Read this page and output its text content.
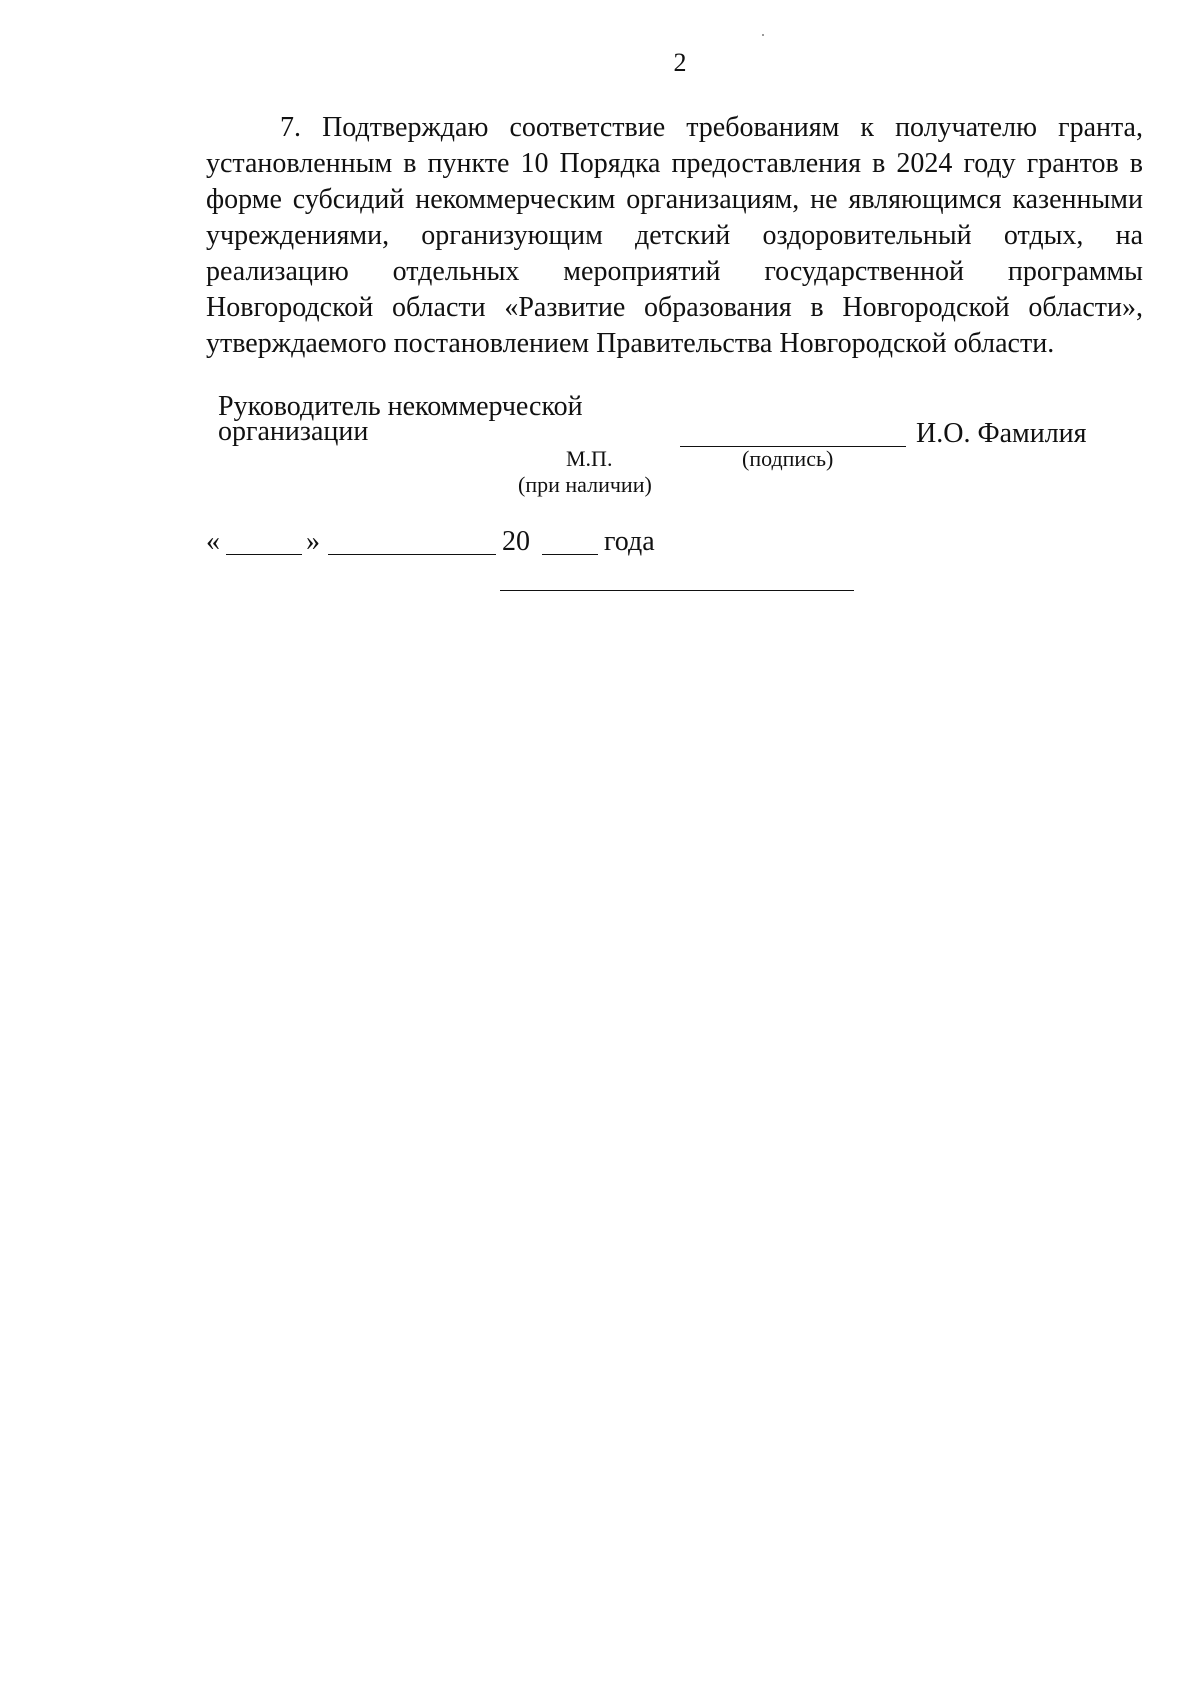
2
7. Подтверждаю соответствие требованиям к получателю гранта,
установленным в пункте 10 Порядка предоставления в 2024 году грантов в
форме субсидий некоммерческим организациям, не являющимся казенными
учреждениями, организующим детский оздоровительный отдых, на
реализацию отдельных мероприятий государственной программы
Новгородской области «Развитие образования в Новгородской области»,
утверждаемого постановлением Правительства Новгородской области.
Руководитель некоммерческой
организации	И.О. Фамилия
(подпись)
М.П.
(при наличии)
«	»	20	года
